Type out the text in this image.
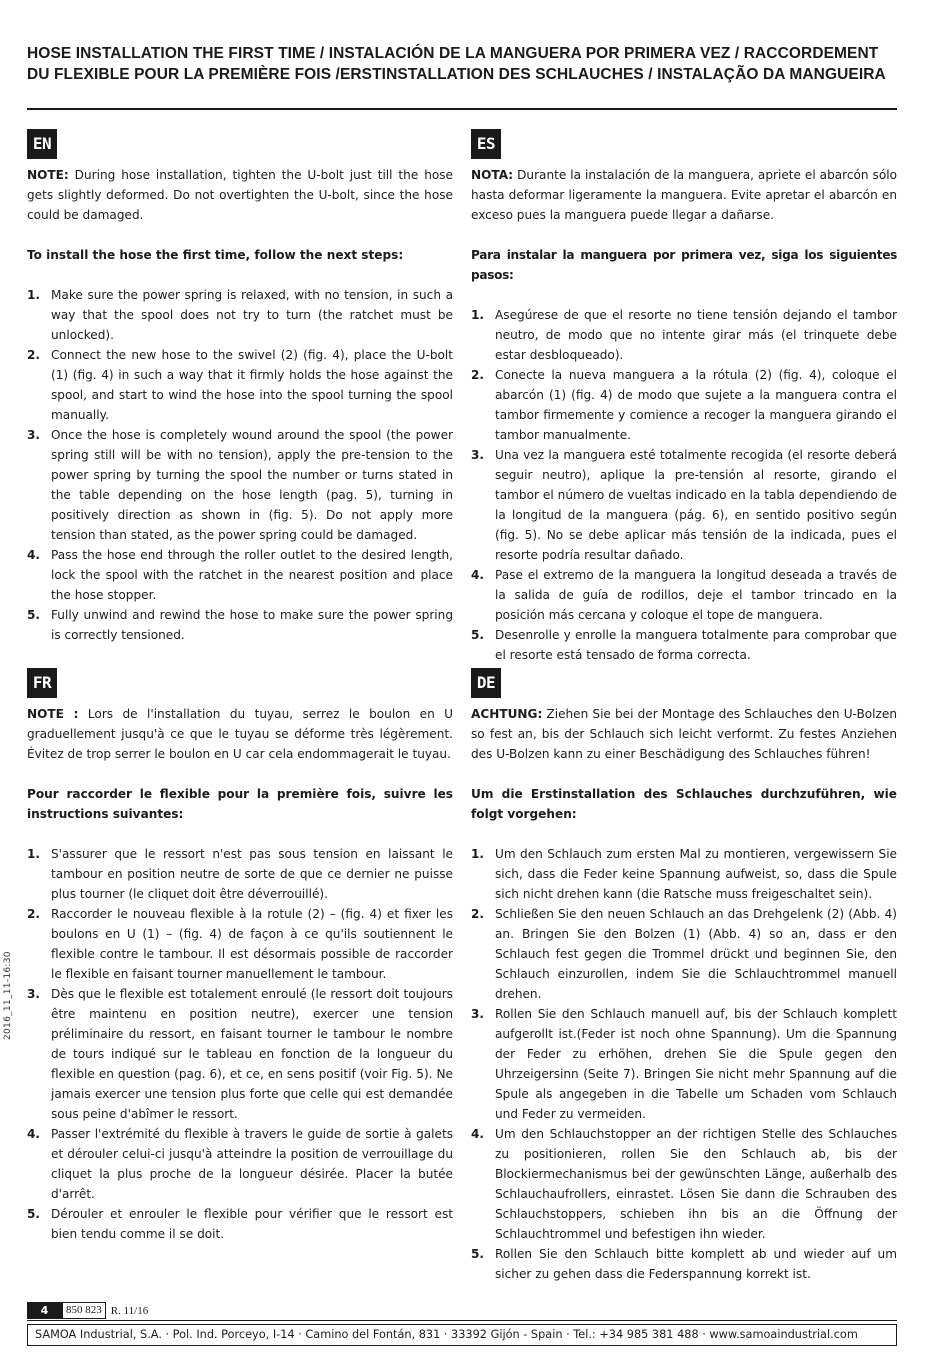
HOSE INSTALLATION THE FIRST TIME / INSTALACIÓN DE LA MANGUERA POR PRIMERA VEZ / RACCORDEMENT DU FLEXIBLE POUR LA PREMIÈRE FOIS /ERSTINSTALLATION DES SCHLAUCHES / INSTALAÇÃO DA MANGUEIRA
EN

NOTE: During hose installation, tighten the U-bolt just till the hose gets slightly deformed. Do not overtighten the U-bolt, since the hose could be damaged.

To install the hose the first time, follow the next steps:

1. Make sure the power spring is relaxed, with no tension, in such a way that the spool does not try to turn (the ratchet must be unlocked).
2. Connect the new hose to the swivel (2) (fig. 4), place the U-bolt (1) (fig. 4) in such a way that it firmly holds the hose against the spool, and start to wind the hose into the spool turning the spool manually.
3. Once the hose is completely wound around the spool (the power spring still will be with no tension), apply the pre-tension to the power spring by turning the spool the number or turns stated in the table depending on the hose length (pag. 5), turning in positively direction as shown in (fig. 5). Do not apply more tension than stated, as the power spring could be damaged.
4. Pass the hose end through the roller outlet to the desired length, lock the spool with the ratchet in the nearest position and place the hose stopper.
5. Fully unwind and rewind the hose to make sure the power spring is correctly tensioned.
ES

NOTA: Durante la instalación de la manguera, apriete el abarcón sólo hasta deformar ligeramente la manguera. Evite apretar el abarcón en exceso pues la manguera puede llegar a dañarse.

Para instalar la manguera por primera vez, siga los siguientes pasos:

1. Asegúrese de que el resorte no tiene tensión dejando el tambor neutro, de modo que no intente girar más (el trinquete debe estar desbloqueado).
2. Conecte la nueva manguera a la rótula (2) (fig. 4), coloque el abarcón (1) (fig. 4) de modo que sujete a la manguera contra el tambor firmemente y comience a recoger la manguera girando el tambor manualmente.
3. Una vez la manguera esté totalmente recogida (el resorte deberá seguir neutro), aplique la pre-tensión al resorte, girando el tambor el número de vueltas indicado en la tabla dependiendo de la longitud de la manguera (pág. 6), en sentido positivo según (fig. 5). No se debe aplicar más tensión de la indicada, pues el resorte podría resultar dañado.
4. Pase el extremo de la manguera la longitud deseada a través de la salida de guía de rodillos, deje el tambor trincado en la posición más cercana y coloque el tope de manguera.
5. Desenrolle y enrolle la manguera totalmente para comprobar que el resorte está tensado de forma correcta.
FR

NOTE : Lors de l'installation du tuyau, serrez le boulon en U graduellement jusqu'à ce que le tuyau se déforme très légèrement. Évitez de trop serrer le boulon en U car cela endommagerait le tuyau.

Pour raccorder le flexible pour la première fois, suivre les instructions suivantes:

1. S'assurer que le ressort n'est pas sous tension en laissant le tambour en position neutre de sorte de que ce dernier ne puisse plus tourner (le cliquet doit être déverrouillé).
2. Raccorder le nouveau flexible à la rotule (2) – (fig. 4) et fixer les boulons en U (1) – (fig. 4) de façon à ce qu'ils soutiennent le flexible contre le tambour. Il est désormais possible de raccorder le flexible en faisant tourner manuellement le tambour.
3. Dès que le flexible est totalement enroulé (le ressort doit toujours être maintenu en position neutre), exercer une tension préliminaire du ressort, en faisant tourner le tambour le nombre de tours indiqué sur le tableau en fonction de la longueur du flexible en question (pag. 6), et ce, en sens positif (voir Fig. 5). Ne jamais exercer une tension plus forte que celle qui est demandée sous peine d'abîmer le ressort.
4. Passer l'extrémité du flexible à travers le guide de sortie à galets et dérouler celui-ci jusqu'à atteindre la position de verrouillage du cliquet la plus proche de la longueur désirée. Placer la butée d'arrêt.
5. Dérouler et enrouler le flexible pour vérifier que le ressort est bien tendu comme il se doit.
DE

ACHTUNG: Ziehen Sie bei der Montage des Schlauches den U-Bolzen so fest an, bis der Schlauch sich leicht verformt. Zu festes Anziehen des U-Bolzen kann zu einer Beschädigung des Schlauches führen!

Um die Erstinstallation des Schlauches durchzuführen, wie folgt vorgehen:

1. Um den Schlauch zum ersten Mal zu montieren, vergewissern Sie sich, dass die Feder keine Spannung aufweist, so, dass die Spule sich nicht drehen kann (die Ratsche muss freigeschaltet sein).
2. Schließen Sie den neuen Schlauch an das Drehgelenk (2) (Abb. 4) an. Bringen Sie den Bolzen (1) (Abb. 4) so an, dass er den Schlauch fest gegen die Trommel drückt und beginnen Sie, den Schlauch einzurollen, indem Sie die Schlauchtrommel manuell drehen.
3. Rollen Sie den Schlauch manuell auf, bis der Schlauch komplett aufgerollt ist.(Feder ist noch ohne Spannung). Um die Spannung der Feder zu erhöhen, drehen Sie die Spule gegen den Uhrzeigersinn (Seite 7). Bringen Sie nicht mehr Spannung auf die Spule als angegeben in die Tabelle um Schaden vom Schlauch und Feder zu vermeiden.
4. Um den Schlauchstopper an der richtigen Stelle des Schlauches zu positionieren, rollen Sie den Schlauch ab, bis der Blockiermechanismus bei der gewünschten Länge, außerhalb des Schlauchaufrollers, einrastet. Lösen Sie dann die Schrauben des Schlauchstoppers, schieben ihn bis an die Öffnung der Schlauchtrommel und befestigen ihn wieder.
5. Rollen Sie den Schlauch bitte komplett ab und wieder auf um sicher zu gehen dass die Federspannung korrekt ist.
2016_11_11-16:30
4	850 823 R. 11/16
SAMOA Industrial, S.A. · Pol. Ind. Porceyo, I-14 · Camino del Fontán, 831 · 33392 Gijón - Spain · Tel.: +34 985 381 488 · www.samoaindustrial.com
